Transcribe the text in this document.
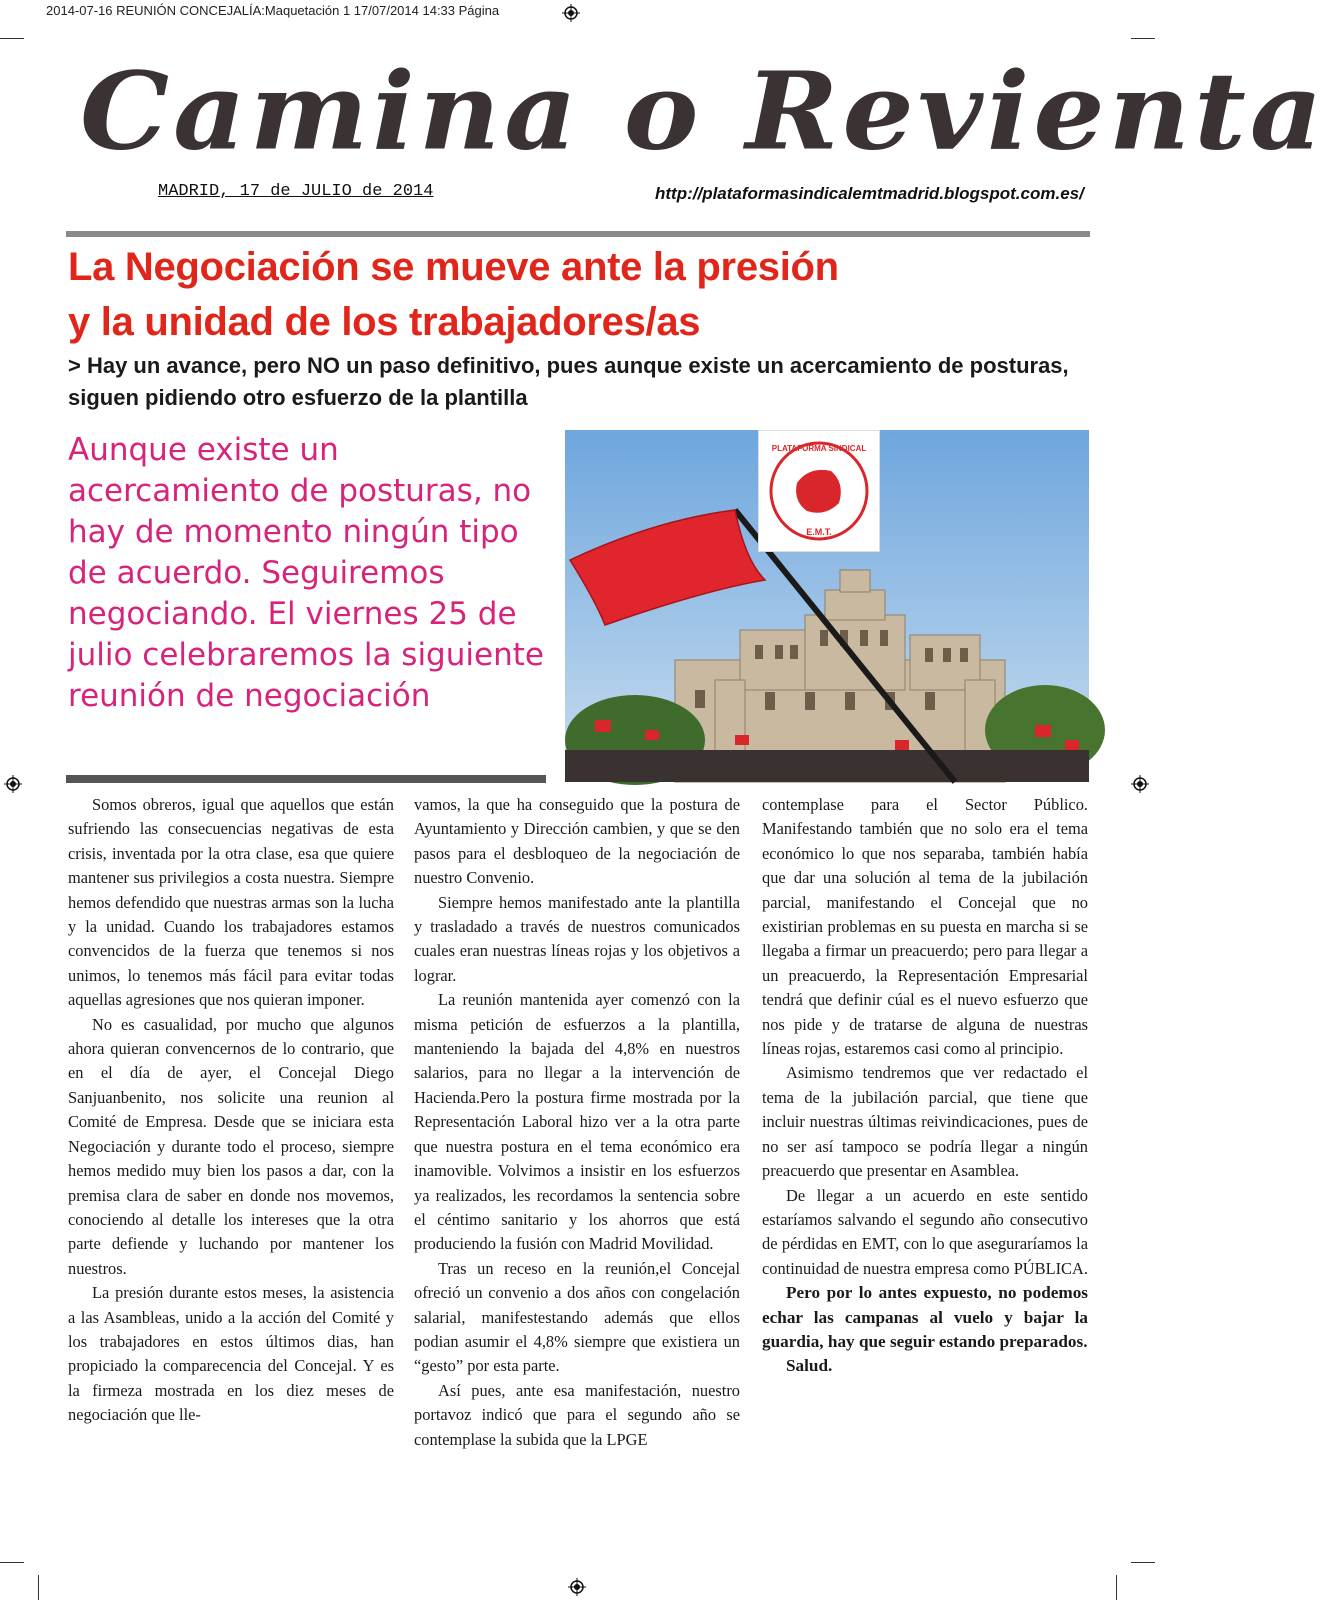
2014-07-16 REUNIÓN CONCEJALÍA:Maquetación 1 17/07/2014 14:33 Página
Camina o Revienta
MADRID, 17 de JULIO de 2014	http://plataformasindicalemtmadrid.blogspot.com.es/
La Negociación se mueve ante la presión
y la unidad de los trabajadores/as

> Hay un avance, pero NO un paso definitivo, pues aunque existe un acercamiento de posturas, siguen pidiendo otro esfuerzo de la plantilla

Aunque existe un acercamiento de posturas, no hay de momento ningún tipo de acuerdo. Seguiremos negociando. El viernes 25 de julio celebraremos la siguiente reunión de negociación

E.M.T.
PLATAFORMA SINDICAL

Somos obreros, igual que aquellos que están sufriendo las consecuencias negativas de esta crisis, inventada por la otra clase, esa que quiere mantener sus privilegios a costa nuestra. Siempre hemos defendido que nuestras armas son la lucha y la unidad. Cuando los trabajadores estamos convencidos de la fuerza que tenemos si nos unimos, lo tenemos más fácil para evitar todas aquellas agresiones que nos quieran imponer.

No es casualidad, por mucho que algunos ahora quieran convencernos de lo contrario, que en el día de ayer, el Concejal Diego Sanjuanbenito, nos solicite una reunion al Comité de Empresa. Desde que se iniciara esta Negociación y durante todo el proceso, siempre hemos medido muy bien los pasos a dar, con la premisa clara de saber en donde nos movemos, conociendo al detalle los intereses que la otra parte defiende y luchando por mantener los nuestros.

La presión durante estos meses, la asistencia a las Asambleas, unido a la acción del Comité y los trabajadores en estos últimos dias, han propiciado la comparecencia del Concejal. Y es la firmeza mostrada en los diez meses de negociación que lle-

vamos, la que ha conseguido que la postura de Ayuntamiento y Dirección cambien, y que se den pasos para el desbloqueo de la negociación de nuestro Convenio.

Siempre hemos manifestado ante la plantilla y trasladado a través de nuestros comunicados cuales eran nuestras líneas rojas y los objetivos a lograr.

La reunión mantenida ayer comenzó con la misma petición de esfuerzos a la plantilla, manteniendo la bajada del 4,8% en nuestros salarios, para no llegar a la intervención de Hacienda.Pero la postura firme mostrada por la Representación Laboral hizo ver a la otra parte que nuestra postura en el tema económico era inamovible. Volvimos a insistir en los esfuerzos ya realizados, les recordamos la sentencia sobre el céntimo sanitario y los ahorros que está produciendo la fusión con Madrid Movilidad.

Tras un receso en la reunión,el Concejal ofreció un convenio a dos años con congelación salarial, manifestestando además que ellos podian asumir el 4,8% siempre que existiera un “gesto” por esta parte.

Así pues, ante esa manifestación, nuestro portavoz indicó que para el segundo año se contemplase la subida que la LPGE

contemplase para el Sector Público. Manifestando también que no solo era el tema económico lo que nos separaba, también había que dar una solución al tema de la jubilación parcial, manifestando el Concejal que no existirian problemas en su puesta en marcha si se llegaba a firmar un preacuerdo; pero para llegar a un preacuerdo, la Representación Empresarial tendrá que definir cúal es el nuevo esfuerzo que nos pide y de tratarse de alguna de nuestras líneas rojas, estaremos casi como al principio.

Asimismo tendremos que ver redactado el tema de la jubilación parcial, que tiene que incluir nuestras últimas reivindicaciones, pues de no ser así tampoco se podría llegar a ningún preacuerdo que presentar en Asamblea.

De llegar a un acuerdo en este sentido estaríamos salvando el segundo año consecutivo de pérdidas en EMT, con lo que aseguraríamos la continuidad de nuestra empresa como PÚBLICA.

Pero por lo antes expuesto, no podemos echar las campanas al vuelo y bajar la guardia, hay que seguir estando preparados.

Salud.
